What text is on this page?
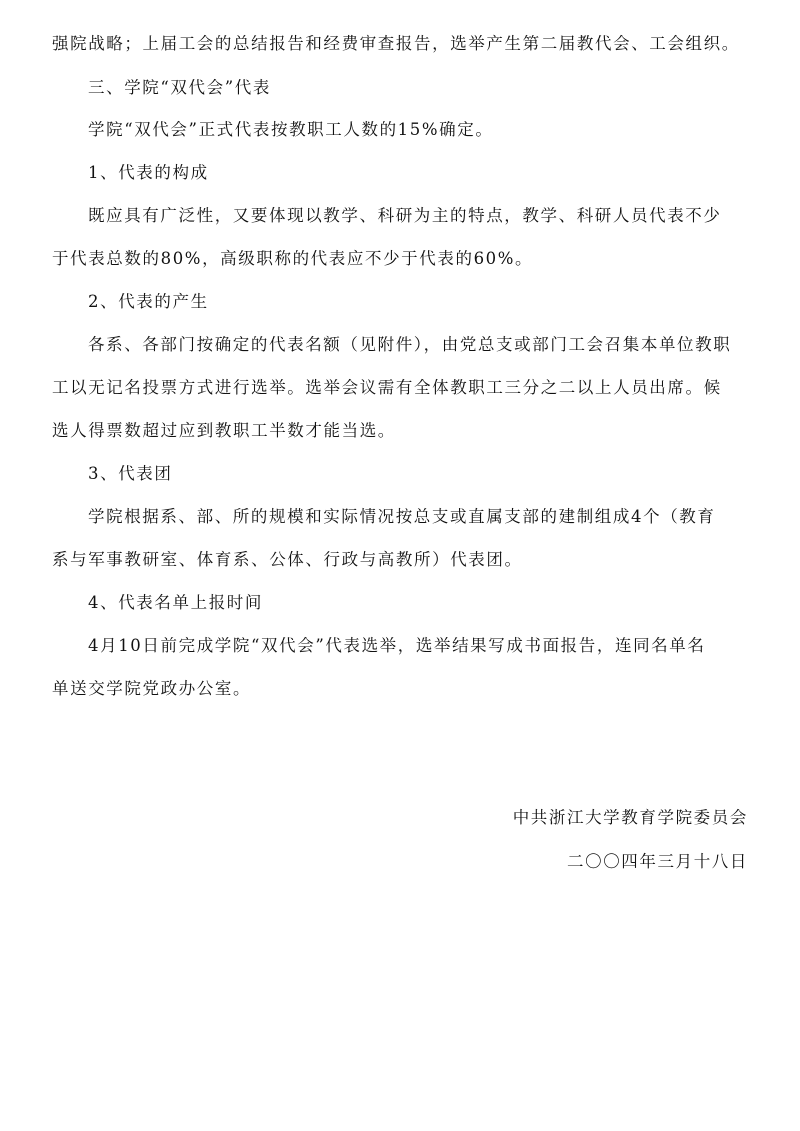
强院战略；上届工会的总结报告和经费审查报告，选举产生第二届教代会、工会组织。
三、学院“双代会”代表
学院“双代会”正式代表按教职工人数的15%确定。
1、代表的构成
既应具有广泛性，又要体现以教学、科研为主的特点，教学、科研人员代表不少
于代表总数的80%，高级职称的代表应不少于代表的60%。
2、代表的产生
各系、各部门按确定的代表名额（见附件），由党总支或部门工会召集本单位教职
工以无记名投票方式进行选举。选举会议需有全体教职工三分之二以上人员出席。候
选人得票数超过应到教职工半数才能当选。
3、代表团
学院根据系、部、所的规模和实际情况按总支或直属支部的建制组成4个（教育
系与军事教研室、体育系、公体、行政与高教所）代表团。
4、代表名单上报时间
4月10日前完成学院“双代会”代表选举，选举结果写成书面报告，连同名单名
单送交学院党政办公室。
中共浙江大学教育学院委员会
二〇〇四年三月十八日
